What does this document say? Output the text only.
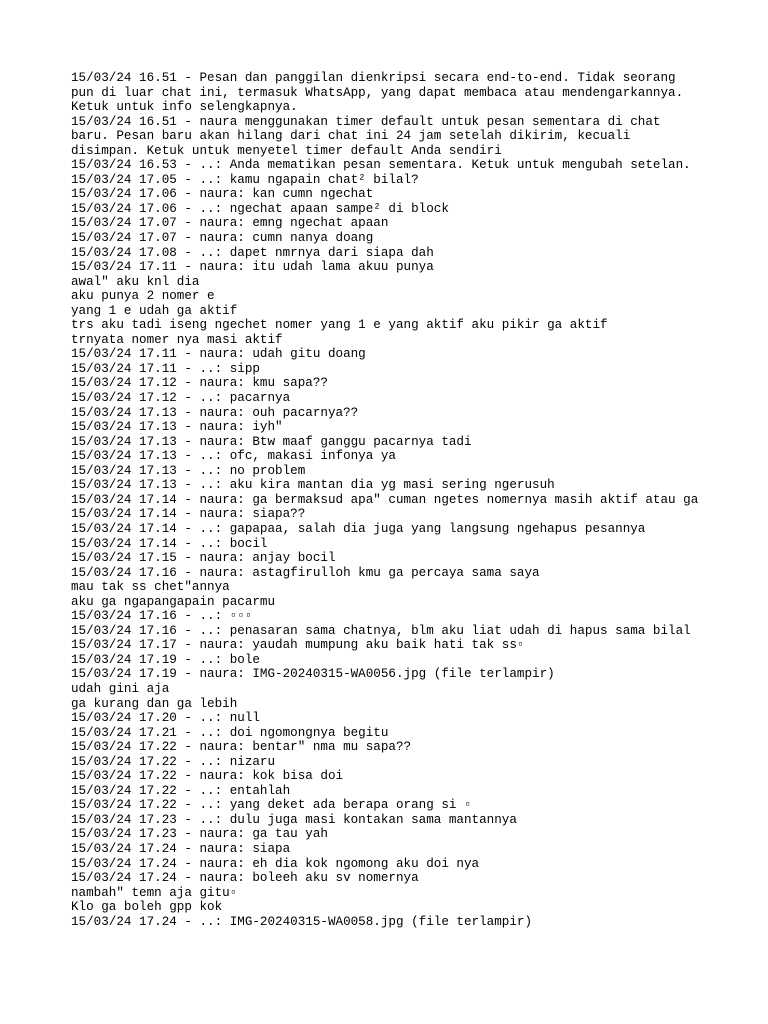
15/03/24 16.51 - Pesan dan panggilan dienkripsi secara end-to-end. Tidak seorang
pun di luar chat ini, termasuk WhatsApp, yang dapat membaca atau mendengarkannya.
Ketuk untuk info selengkapnya.
15/03/24 16.51 - naura menggunakan timer default untuk pesan sementara di chat
baru. Pesan baru akan hilang dari chat ini 24 jam setelah dikirim, kecuali
disimpan. Ketuk untuk menyetel timer default Anda sendiri
15/03/24 16.53 - ..: Anda mematikan pesan sementara. Ketuk untuk mengubah setelan.
15/03/24 17.05 - ..: kamu ngapain chat² bilal?
15/03/24 17.06 - naura: kan cumn ngechat
15/03/24 17.06 - ..: ngechat apaan sampe² di block
15/03/24 17.07 - naura: emng ngechat apaan
15/03/24 17.07 - naura: cumn nanya doang
15/03/24 17.08 - ..: dapet nmrnya dari siapa dah
15/03/24 17.11 - naura: itu udah lama akuu punya
awal" aku knl dia
aku punya 2 nomer e
yang 1 e udah ga aktif
trs aku tadi iseng ngechet nomer yang 1 e yang aktif aku pikir ga aktif
trnyata nomer nya masi aktif
15/03/24 17.11 - naura: udah gitu doang
15/03/24 17.11 - ..: sipp
15/03/24 17.12 - naura: kmu sapa??
15/03/24 17.12 - ..: pacarnya
15/03/24 17.13 - naura: ouh pacarnya??
15/03/24 17.13 - naura: iyh"
15/03/24 17.13 - naura: Btw maaf ganggu pacarnya tadi
15/03/24 17.13 - ..: ofc, makasi infonya ya
15/03/24 17.13 - ..: no problem
15/03/24 17.13 - ..: aku kira mantan dia yg masi sering ngerusuh
15/03/24 17.14 - naura: ga bermaksud apa" cuman ngetes nomernya masih aktif atau ga
15/03/24 17.14 - naura: siapa??
15/03/24 17.14 - ..: gapapaa, salah dia juga yang langsung ngehapus pesannya
15/03/24 17.14 - ..: bocil
15/03/24 17.15 - naura: anjay bocil
15/03/24 17.16 - naura: astagfirulloh kmu ga percaya sama saya
mau tak ss chet"annya
aku ga ngapangapain pacarmu
15/03/24 17.16 - ..: ▫▫▫
15/03/24 17.16 - ..: penasaran sama chatnya, blm aku liat udah di hapus sama bilal
15/03/24 17.17 - naura: yaudah mumpung aku baik hati tak ss▫
15/03/24 17.19 - ..: bole
15/03/24 17.19 - naura: IMG-20240315-WA0056.jpg (file terlampir)
udah gini aja
ga kurang dan ga lebih
15/03/24 17.20 - ..: null
15/03/24 17.21 - ..: doi ngomongnya begitu
15/03/24 17.22 - naura: bentar" nma mu sapa??
15/03/24 17.22 - ..: nizaru
15/03/24 17.22 - naura: kok bisa doi
15/03/24 17.22 - ..: entahlah
15/03/24 17.22 - ..: yang deket ada berapa orang si ▫
15/03/24 17.23 - ..: dulu juga masi kontakan sama mantannya
15/03/24 17.23 - naura: ga tau yah
15/03/24 17.24 - naura: siapa
15/03/24 17.24 - naura: eh dia kok ngomong aku doi nya
15/03/24 17.24 - naura: boleeh aku sv nomernya
nambah" temn aja gitu▫
Klo ga boleh gpp kok
15/03/24 17.24 - ..: IMG-20240315-WA0058.jpg (file terlampir)
